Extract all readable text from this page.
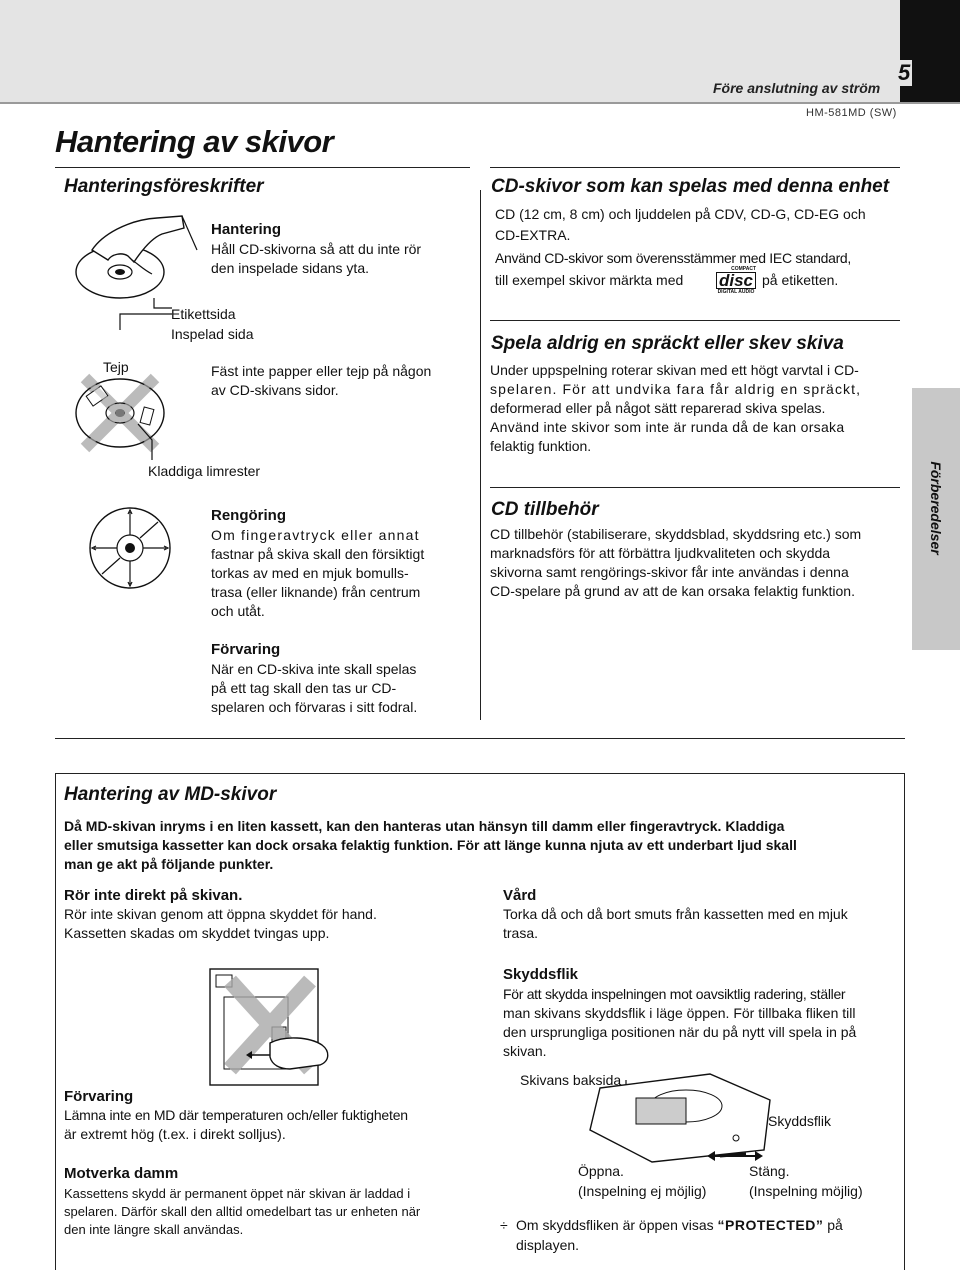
5
Före anslutning av ström
HM-581MD (SW)
Hantering av skivor
Hanteringsföreskrifter
Hantering
Håll CD-skivorna så att du inte rör
den inspelade sidans yta.
Etikettsida
Inspelad sida
Tejp	Fäst inte papper eller tejp på någon
av CD-skivans sidor.
Kladdiga limrester
Rengöring
Om fingeravtryck eller annat
fastnar på skiva skall den försiktigt
torkas av med en mjuk bomulls-
trasa (eller liknande) från centrum
och utåt.
Förvaring
När en CD-skiva inte skall spelas
på ett tag skall den tas ur CD-
spelaren och förvaras i sitt fodral.
CD-skivor som kan spelas med denna enhet
CD (12 cm, 8 cm) och ljuddelen på CDV, CD-G, CD-EG och
CD-EXTRA.
Använd CD-skivor som överensstämmer med IEC standard,
till exempel skivor märkta med
COMPACT
disc
DIGITAL AUDIO
på etiketten.
Spela aldrig en spräckt eller skev skiva
Under uppspelning roterar skivan med ett högt varvtal i CD-
spelaren. För att undvika fara får aldrig en spräckt,
deformerad eller på något sätt reparerad skiva spelas.
Använd inte skivor som inte är runda då de kan orsaka
felaktig funktion.
CD tillbehör
CD tillbehör (stabiliserare, skyddsblad, skyddsring etc.) som
marknadsförs för att förbättra ljudkvaliteten och skydda
skivorna samt rengörings-skivor får inte användas i denna
CD-spelare på grund av att de kan orsaka felaktig funktion.
Förberedelser
Hantering av MD-skivor
Då MD-skivan inryms i en liten kassett, kan den hanteras utan hänsyn till damm eller fingeravtryck. Kladdiga
eller smutsiga kassetter kan dock orsaka felaktig funktion. För att länge kunna njuta av ett underbart ljud skall
man ge akt på följande punkter.
Rör inte direkt på skivan.
Rör inte skivan genom att öppna skyddet för hand.
Kassetten skadas om skyddet tvingas upp.
Vård
Torka då och då bort smuts från kassetten med en mjuk
trasa.
Skyddsflik
För att skydda inspelningen mot oavsiktlig radering, ställer
man skivans skyddsflik i läge öppen. För tillbaka fliken till
den ursprungliga positionen när du på nytt vill spela in på
skivan.
Skivans baksida
Skyddsflik
Förvaring
Lämna inte en MD där temperaturen och/eller fuktigheten
är extremt hög (t.ex. i direkt solljus).
Motverka damm
Kassettens skydd är permanent öppet när skivan är laddad i
spelaren. Därför skall den alltid omedelbart tas ur enheten när
den inte längre skall användas.
Öppna.
(Inspelning ej möjlig)
Stäng.
(Inspelning möjlig)
÷ Om skyddsfliken är öppen visas “PROTECTED” på
displayen.
